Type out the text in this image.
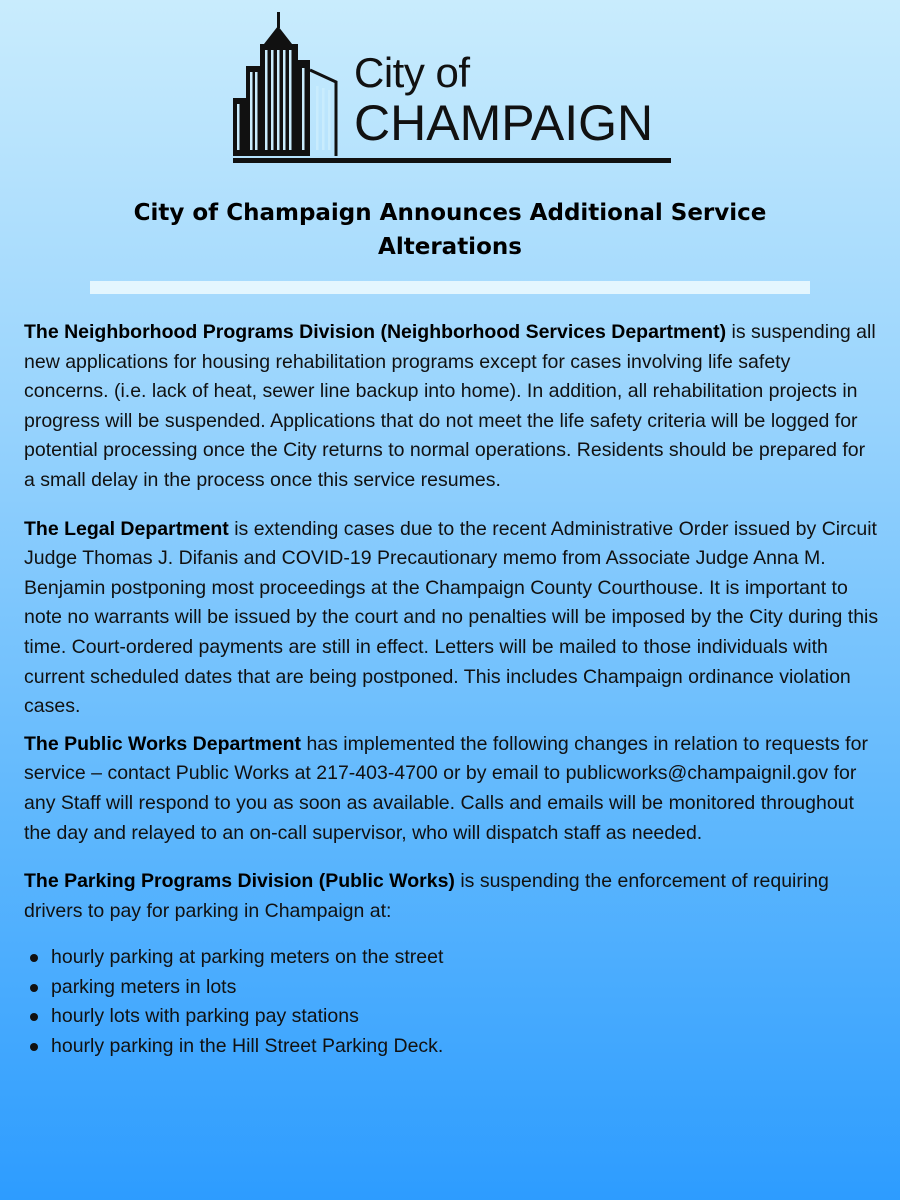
City of
CHAMPAIGN
City of Champaign Announces Additional Service Alterations

The Neighborhood Programs Division (Neighborhood Services Department) is suspending all new applications for housing rehabilitation programs except for cases involving life safety concerns. (i.e. lack of heat, sewer line backup into home). In addition, all rehabilitation projects in progress will be suspended. Applications that do not meet the life safety criteria will be logged for potential processing once the City returns to normal operations. Residents should be prepared for a small delay in the process once this service resumes.

The Legal Department is extending cases due to the recent Administrative Order issued by Circuit Judge Thomas J. Difanis and COVID-19 Precautionary memo from Associate Judge Anna M. Benjamin postponing most proceedings at the Champaign County Courthouse. It is important to note no warrants will be issued by the court and no penalties will be imposed by the City during this time. Court-ordered payments are still in effect. Letters will be mailed to those individuals with current scheduled dates that are being postponed. This includes Champaign ordinance violation cases.

The Public Works Department has implemented the following changes in relation to requests for service – contact Public Works at 217-403-4700 or by email to publicworks@champaignil.gov for any Staff will respond to you as soon as available. Calls and emails will be monitored throughout the day and relayed to an on-call supervisor, who will dispatch staff as needed.

The Parking Programs Division (Public Works) is suspending the enforcement of requiring drivers to pay for parking in Champaign at:

hourly parking at parking meters on the street
parking meters in lots
hourly lots with parking pay stations
hourly parking in the Hill Street Parking Deck.
